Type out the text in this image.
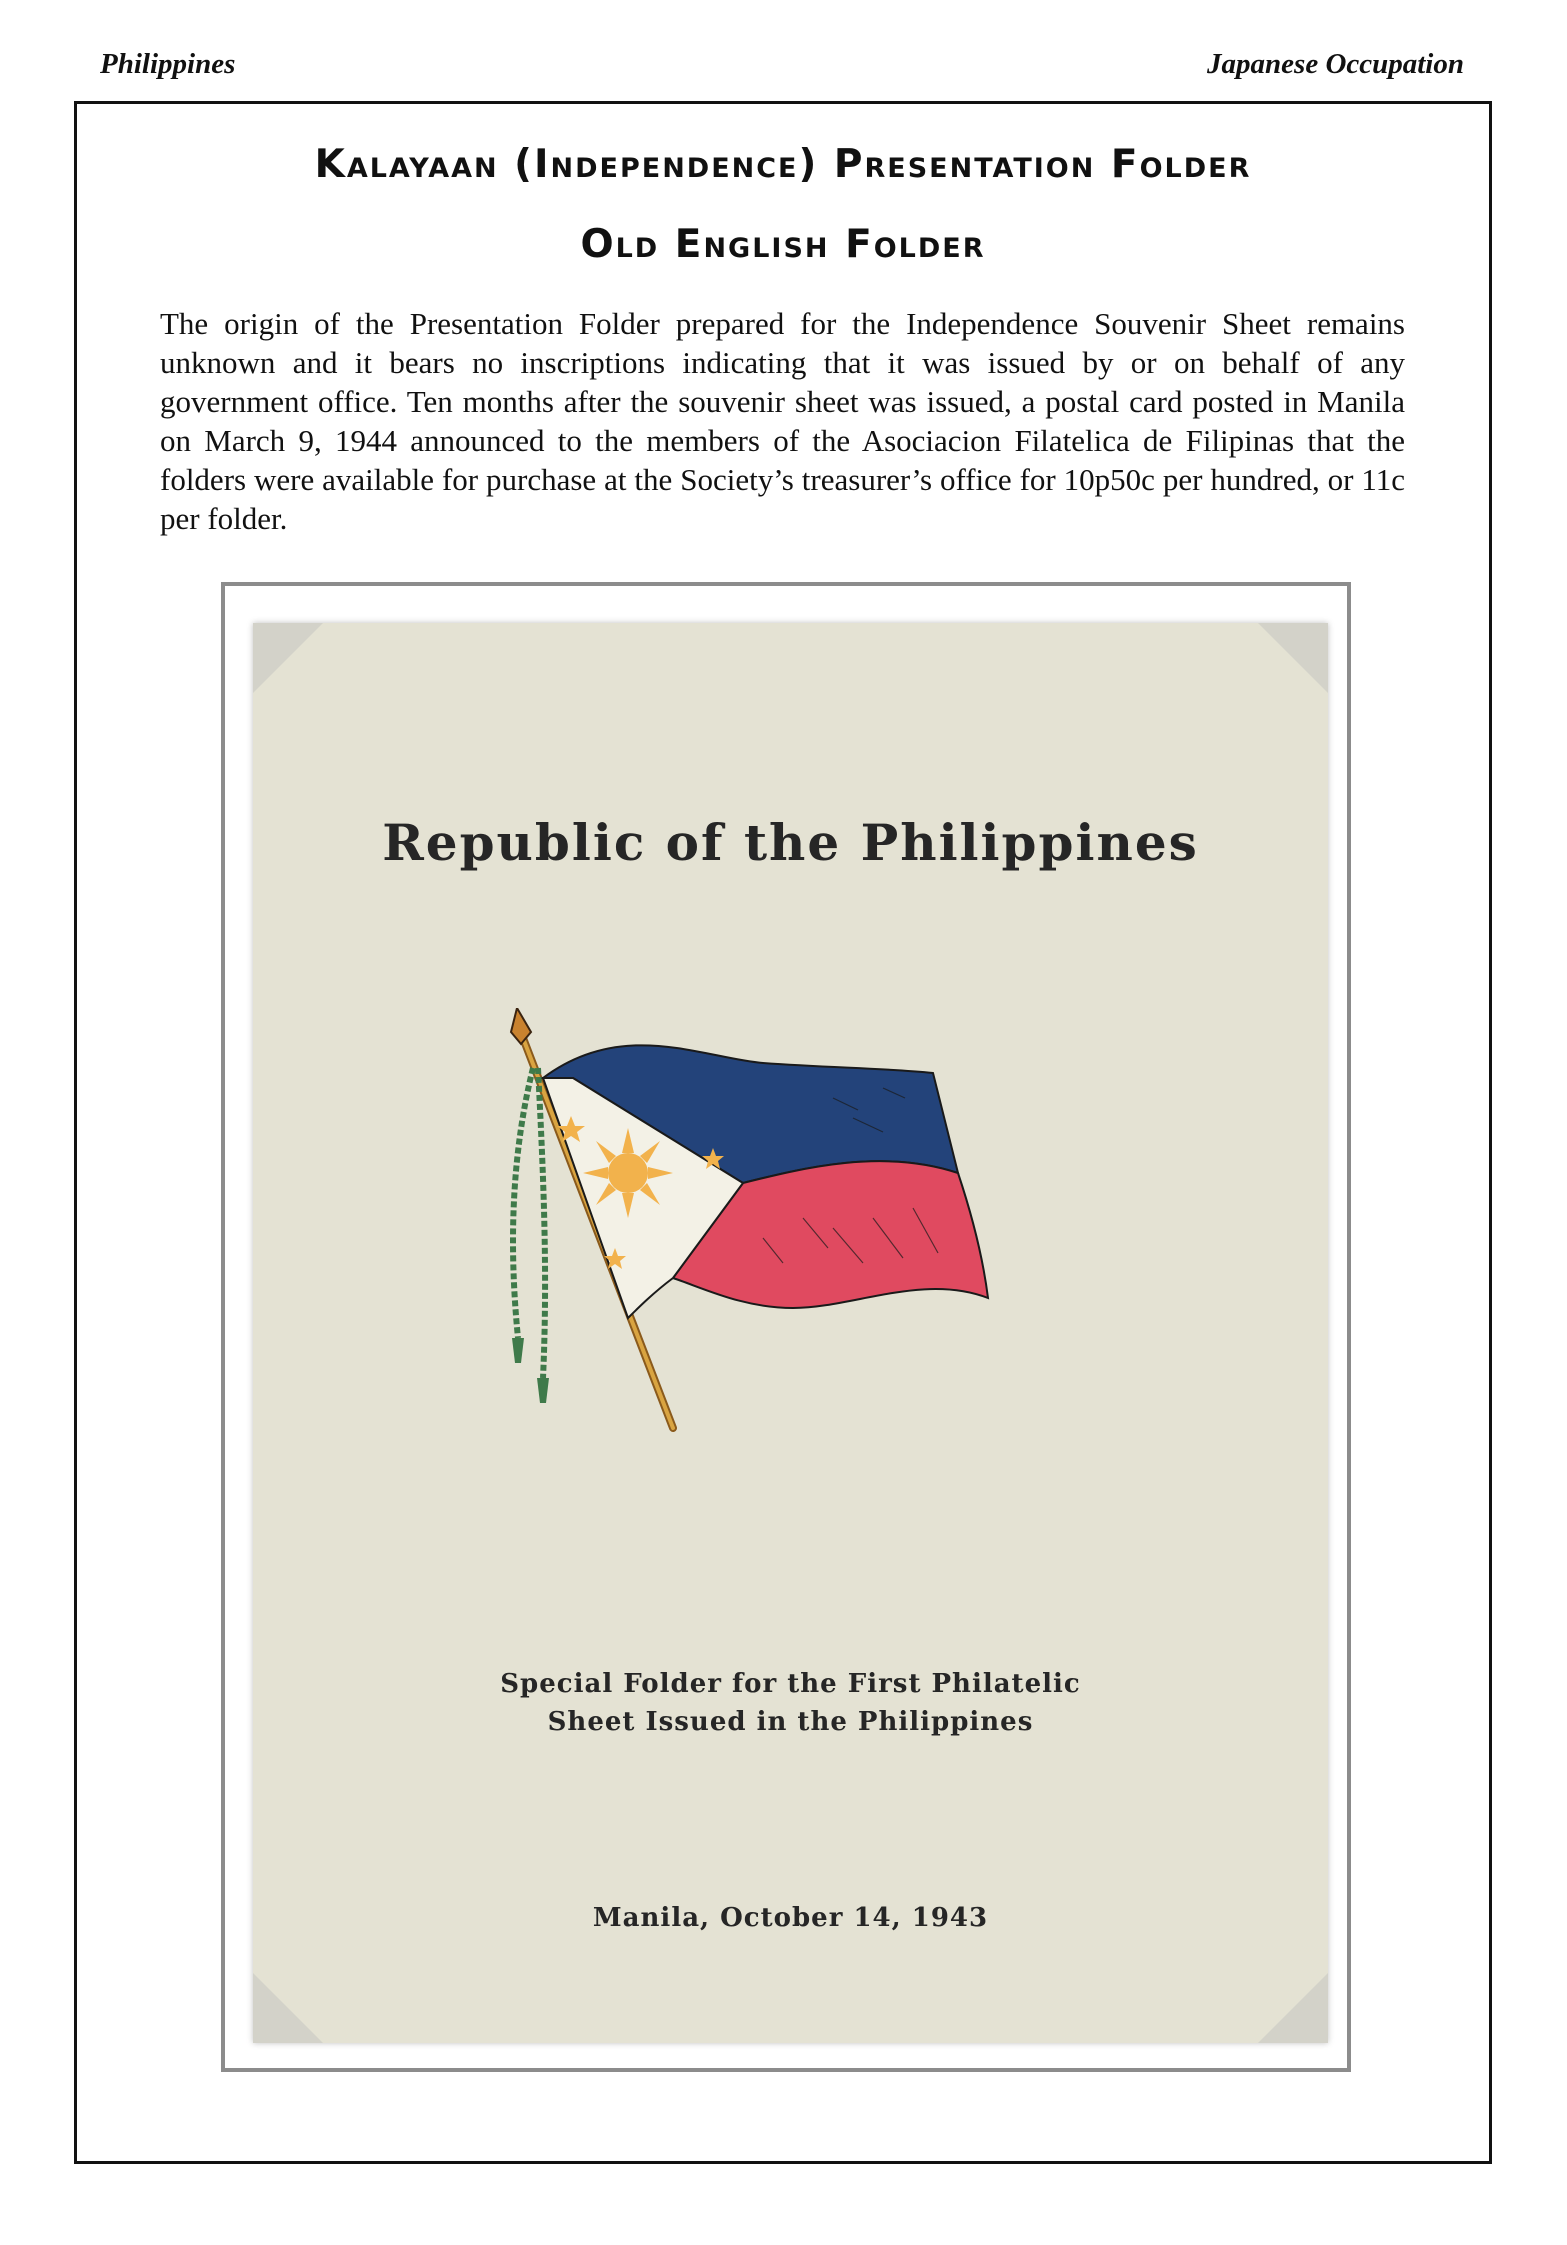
Philippines	Japanese Occupation
Kalayaan (Independence) Presentation Folder
Old English Folder

The origin of the Presentation Folder prepared for the Independence Souvenir Sheet remains unknown and it bears no inscriptions indicating that it was issued by or on behalf of any government office. Ten months after the souvenir sheet was issued, a postal card posted in Manila on March 9, 1944 announced to the members of the Asociacion Filatelica de Filipinas that the folders were available for purchase at the Society’s treasurer’s office for 10p50c per hundred, or 11c per folder.

Republic of the Philippines
Special Folder for the First Philatelic
Sheet Issued in the Philippines
Manila, October 14, 1943
